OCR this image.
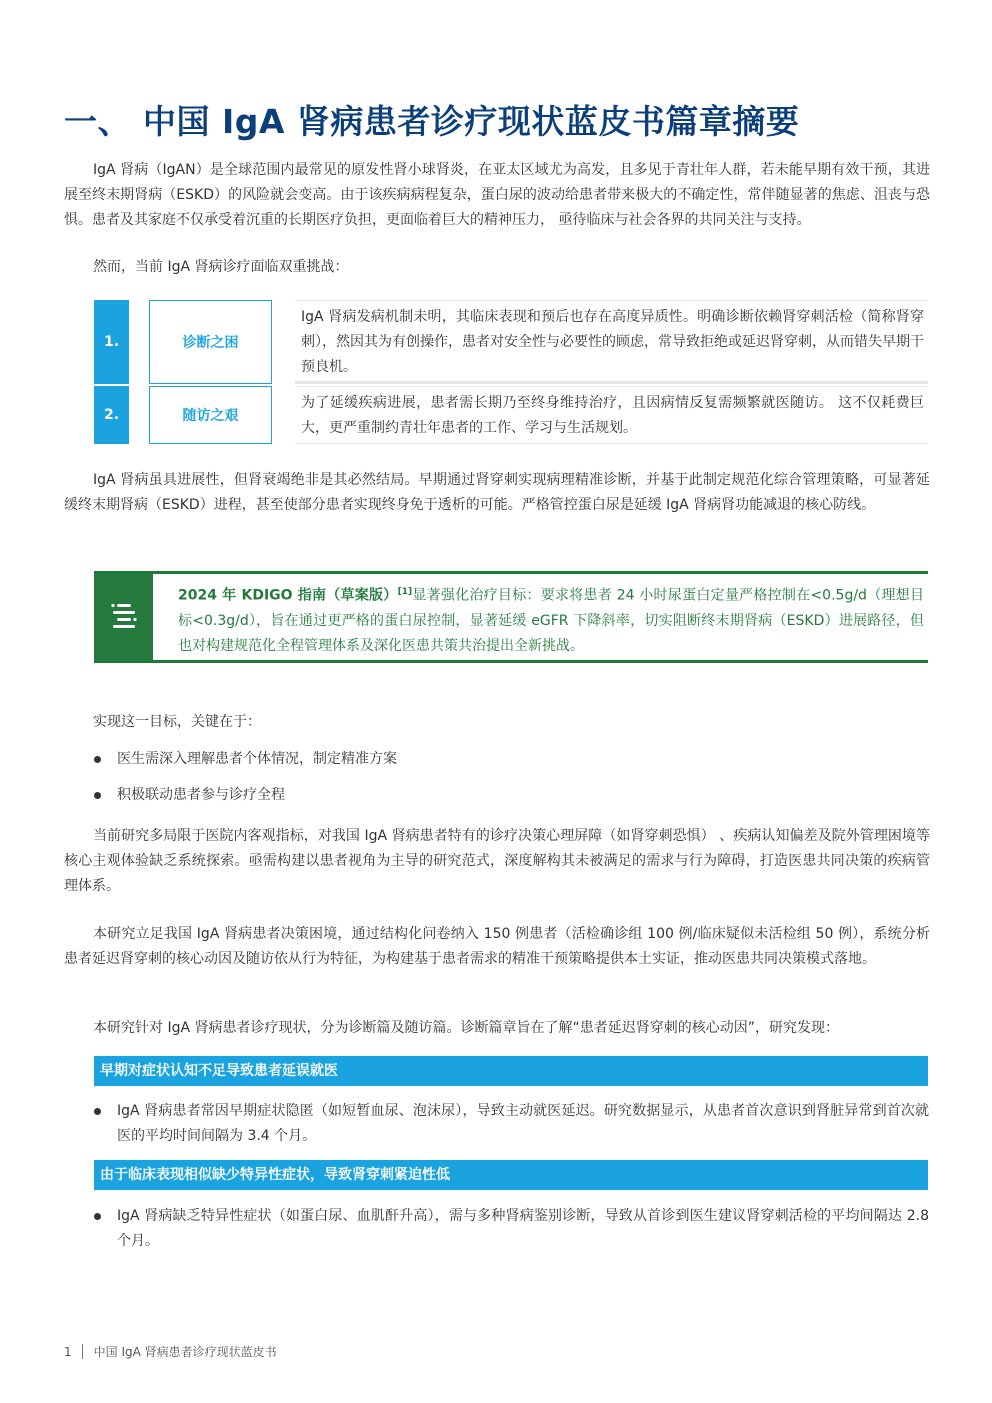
一、 中国 IgA 肾病患者诊疗现状蓝皮书篇章摘要

IgA 肾病（IgAN）是全球范围内最常见的原发性肾小球肾炎，在亚太区域尤为高发，且多见于青壮年人群，若未能早期有效干预，其进展至终末期肾病（ESKD）的风险就会变高。由于该疾病病程复杂，蛋白尿的波动给患者带来极大的不确定性，常伴随显著的焦虑、沮丧与恐惧。患者及其家庭不仅承受着沉重的长期医疗负担，更面临着巨大的精神压力， 亟待临床与社会各界的共同关注与支持。

然而，当前 IgA 肾病诊疗面临双重挑战：

1.	诊断之困
IgA 肾病发病机制未明，其临床表现和预后也存在高度异质性。明确诊断依赖肾穿刺活检（简称肾穿刺），然因其为有创操作，患者对安全性与必要性的顾虑，常导致拒绝或延迟肾穿刺，从而错失早期干预良机。
2.	随访之艰
为了延缓疾病进展，患者需长期乃至终身维持治疗，且因病情反复需频繁就医随访。 这不仅耗费巨大，更严重制约青壮年患者的工作、学习与生活规划。

IgA 肾病虽具进展性，但肾衰竭绝非是其必然结局。早期通过肾穿刺实现病理精准诊断，并基于此制定规范化综合管理策略，可显著延缓终末期肾病（ESKD）进程，甚至使部分患者实现终身免于透析的可能。严格管控蛋白尿是延缓 IgA 肾病肾功能减退的核心防线。

2024 年 KDIGO 指南（草案版）[1]显著强化治疗目标：要求将患者 24 小时尿蛋白定量严格控制在<0.5g/d（理想目标<0.3g/d），旨在通过更严格的蛋白尿控制，显著延缓 eGFR 下降斜率，切实阻断终末期肾病（ESKD）进展路径，但也对构建规范化全程管理体系及深化医患共策共治提出全新挑战。

实现这一目标，关键在于：

医生需深入理解患者个体情况，制定精准方案
积极联动患者参与诊疗全程

当前研究多局限于医院内客观指标，对我国 IgA 肾病患者特有的诊疗决策心理屏障（如肾穿刺恐惧） 、疾病认知偏差及院外管理困境等核心主观体验缺乏系统探索。亟需构建以患者视角为主导的研究范式，深度解构其未被满足的需求与行为障碍，打造医患共同决策的疾病管理体系。

本研究立足我国 IgA 肾病患者决策困境，通过结构化问卷纳入 150 例患者（活检确诊组 100 例/临床疑似未活检组 50 例），系统分析患者延迟肾穿刺的核心动因及随访依从行为特征，为构建基于患者需求的精准干预策略提供本土实证，推动医患共同决策模式落地。

本研究针对 IgA 肾病患者诊疗现状，分为诊断篇及随访篇。诊断篇章旨在了解“患者延迟肾穿刺的核心动因”，研究发现：

早期对症状认知不足导致患者延误就医
IgA 肾病患者常因早期症状隐匿（如短暂血尿、泡沫尿），导致主动就医延迟。研究数据显示，从患者首次意识到肾脏异常到首次就医的平均时间间隔为 3.4 个月。
由于临床表现相似缺少特异性症状，导致肾穿刺紧迫性低
IgA 肾病缺乏特异性症状（如蛋白尿、血肌酐升高），需与多种肾病鉴别诊断，导致从首诊到医生建议肾穿刺活检的平均间隔达 2.8 个月。
1 中国 IgA 肾病患者诊疗现状蓝皮书
